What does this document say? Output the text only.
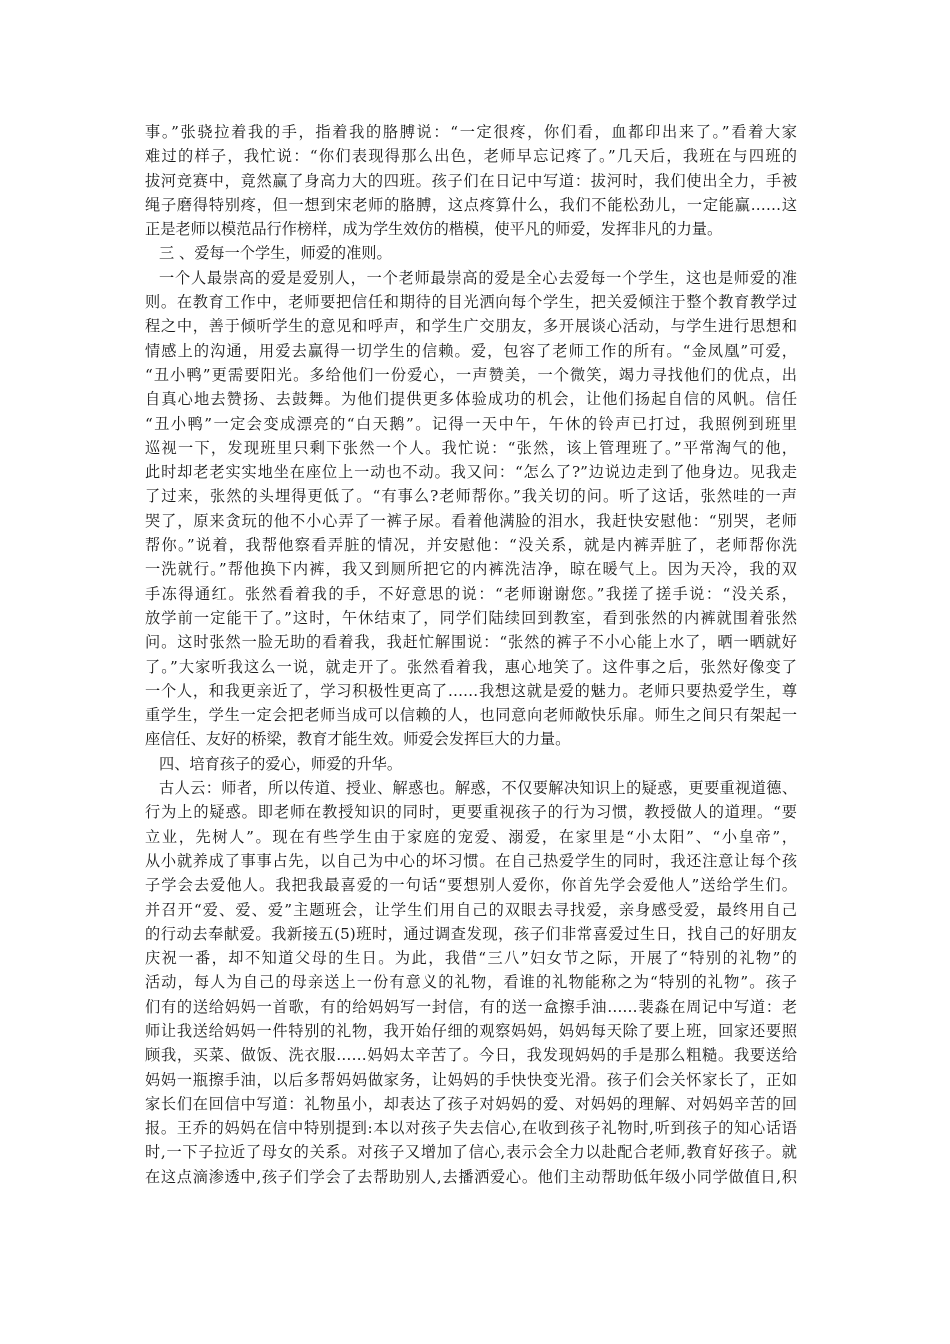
事。”张骁拉着我的手，指着我的胳膊说：“一定很疼，你们看，血都印出来了。”看着大家
难过的样子，我忙说：“你们表现得那么出色，老师早忘记疼了。”几天后，我班在与四班的
拔河竞赛中，竟然赢了身高力大的四班。孩子们在日记中写道：拔河时，我们使出全力，手被
绳子磨得特别疼，但一想到宋老师的胳膊，这点疼算什么，我们不能松劲儿，一定能赢……这
正是老师以模范品行作榜样，成为学生效仿的楷模，使平凡的师爱，发挥非凡的力量。
三 、爱每一个学生，师爱的准则。
一个人最崇高的爱是爱别人，一个老师最崇高的爱是全心去爱每一个学生，这也是师爱的准
则。在教育工作中，老师要把信任和期待的目光洒向每个学生，把关爱倾注于整个教育教学过
程之中，善于倾听学生的意见和呼声，和学生广交朋友，多开展谈心活动，与学生进行思想和
情感上的沟通，用爱去赢得一切学生的信赖。爱，包容了老师工作的所有。“金凤凰”可爱，
“丑小鸭”更需要阳光。多给他们一份爱心，一声赞美，一个微笑，竭力寻找他们的优点，出
自真心地去赞扬、去鼓舞。为他们提供更多体验成功的机会，让他们扬起自信的风帆。信任
“丑小鸭”一定会变成漂亮的“白天鹅”。记得一天中午，午休的铃声已打过，我照例到班里
巡视一下，发现班里只剩下张然一个人。我忙说：“张然，该上管理班了。”平常淘气的他，
此时却老老实实地坐在座位上一动也不动。我又问：“怎么了?”边说边走到了他身边。见我走
了过来，张然的头埋得更低了。“有事么?老师帮你。”我关切的问。听了这话，张然哇的一声
哭了，原来贪玩的他不小心弄了一裤子尿。看着他满脸的泪水，我赶快安慰他：“别哭，老师
帮你。”说着，我帮他察看弄脏的情况，并安慰他：“没关系，就是内裤弄脏了，老师帮你洗
一洗就行。”帮他换下内裤，我又到厕所把它的内裤洗洁净，晾在暖气上。因为天冷，我的双
手冻得通红。张然看着我的手，不好意思的说：“老师谢谢您。”我搓了搓手说：“没关系，
放学前一定能干了。”这时，午休结束了，同学们陆续回到教室，看到张然的内裤就围着张然
问。这时张然一脸无助的看着我，我赶忙解围说：“张然的裤子不小心能上水了，晒一晒就好
了。”大家听我这么一说，就走开了。张然看着我，惠心地笑了。这件事之后，张然好像变了
一个人，和我更亲近了，学习积极性更高了……我想这就是爱的魅力。老师只要热爱学生，尊
重学生，学生一定会把老师当成可以信赖的人，也同意向老师敞快乐扉。师生之间只有架起一
座信任、友好的桥梁，教育才能生效。师爱会发挥巨大的力量。
四、培育孩子的爱心，师爱的升华。
古人云：师者，所以传道、授业、解惑也。解惑，不仅要解决知识上的疑惑，更要重视道德、
行为上的疑惑。即老师在教授知识的同时，更要重视孩子的行为习惯，教授做人的道理。“要
立业，先树人”。现在有些学生由于家庭的宠爱、溺爱，在家里是“小太阳”、“小皇帝”，
从小就养成了事事占先，以自己为中心的坏习惯。在自己热爱学生的同时，我还注意让每个孩
子学会去爱他人。我把我最喜爱的一句话“要想别人爱你，你首先学会爱他人”送给学生们。
并召开“爱、爱、爱”主题班会，让学生们用自己的双眼去寻找爱，亲身感受爱，最终用自己
的行动去奉献爱。我新接五(5)班时，通过调查发现，孩子们非常喜爱过生日，找自己的好朋友
庆祝一番，却不知道父母的生日。为此，我借“三八”妇女节之际，开展了“特别的礼物”的
活动，每人为自己的母亲送上一份有意义的礼物，看谁的礼物能称之为“特别的礼物”。孩子
们有的送给妈妈一首歌，有的给妈妈写一封信，有的送一盒擦手油……裴淼在周记中写道：老
师让我送给妈妈一件特别的礼物，我开始仔细的观察妈妈，妈妈每天除了要上班，回家还要照
顾我，买菜、做饭、洗衣服……妈妈太辛苦了。今日，我发现妈妈的手是那么粗糙。我要送给
妈妈一瓶擦手油，以后多帮妈妈做家务，让妈妈的手快快变光滑。孩子们会关怀家长了，正如
家长们在回信中写道：礼物虽小，却表达了孩子对妈妈的爱、对妈妈的理解、对妈妈辛苦的回
报。王乔的妈妈在信中特别提到:本以对孩子失去信心,在收到孩子礼物时,听到孩子的知心话语
时,一下子拉近了母女的关系。对孩子又增加了信心,表示会全力以赴配合老师,教育好孩子。就
在这点滴渗透中,孩子们学会了去帮助别人,去播洒爱心。他们主动帮助低年级小同学做值日,积
